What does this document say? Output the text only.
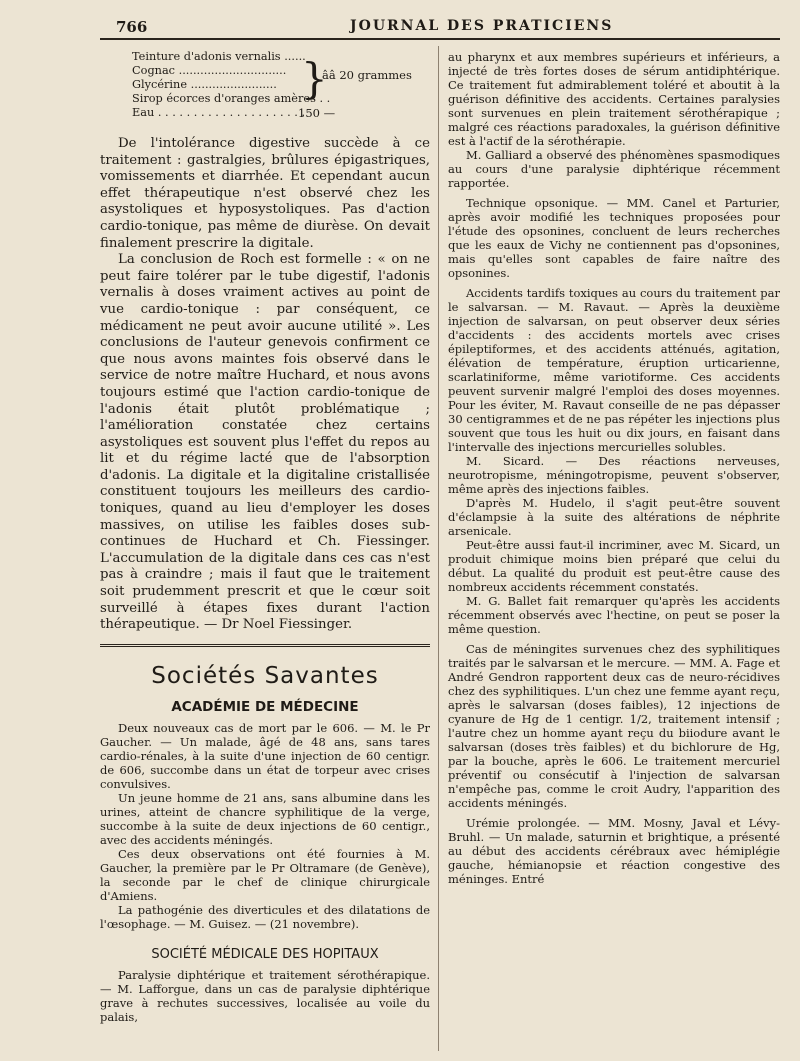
766	JOURNAL DES PRATICIENS
Teinture d'adonis vernalis ......
Cognac ..............................
Glycérine ........................
Sirop écorces d'oranges amères . .
Eau . . . . . . . . . . . . . . . . . . . . .
}
ââ 20 grammes
150 —

De l'intolérance digestive succède à ce traitement : gastralgies, brûlures épigastriques, vomissements et diarrhée. Et cependant aucun effet thérapeutique n'est observé chez les asystoliques et hyposystoliques. Pas d'action cardio-tonique, pas même de diurèse. On devait finalement prescrire la digitale.

La conclusion de Roch est formelle : « on ne peut faire tolérer par le tube digestif, l'adonis vernalis à doses vraiment actives au point de vue cardio-tonique : par conséquent, ce médicament ne peut avoir aucune utilité ». Les conclusions de l'auteur genevois confirment ce que nous avons maintes fois observé dans le service de notre maître Huchard, et nous avons toujours estimé que l'action cardio-tonique de l'adonis était plutôt problématique ; l'amélioration constatée chez certains asystoliques est souvent plus l'effet du repos au lit et du régime lacté que de l'absorption d'adonis. La digitale et la digitaline cristallisée constituent toujours les meilleurs des cardio-toniques, quand au lieu d'employer les doses massives, on utilise les faibles doses sub-continues de Huchard et Ch. Fiessinger. L'accumulation de la digitale dans ces cas n'est pas à craindre ; mais il faut que le traitement soit prudemment prescrit et que le cœur soit surveillé à étapes fixes durant l'action thérapeutique. — Dr Noel Fiessinger.

Sociétés Savantes
ACADÉMIE DE MÉDECINE

Deux nouveaux cas de mort par le 606. — M. le Pr Gaucher. — Un malade, âgé de 48 ans, sans tares cardio-rénales, à la suite d'une injection de 60 centigr. de 606, succombe dans un état de torpeur avec crises convulsives.

Un jeune homme de 21 ans, sans albumine dans les urines, atteint de chancre syphilitique de la verge, succombe à la suite de deux injections de 60 centigr., avec des accidents méningés.

Ces deux observations ont été fournies à M. Gaucher, la première par le Pr Oltramare (de Genève), la seconde par le chef de clinique chirurgicale d'Amiens.

La pathogénie des diverticules et des dilatations de l'œsophage. — M. Guisez. — (21 novembre).

SOCIÉTÉ MÉDICALE DES HOPITAUX

Paralysie diphtérique et traitement sérothérapique. — M. Lafforgue, dans un cas de paralysie diphtérique grave à rechutes successives, localisée au voile du palais,

au pharynx et aux membres supérieurs et inférieurs, a injecté de très fortes doses de sérum antidiphtérique. Ce traitement fut admirablement toléré et aboutit à la guérison définitive des accidents. Certaines paralysies sont survenues en plein traitement sérothérapique ; malgré ces réactions paradoxales, la guérison définitive est à l'actif de la sérothérapie.

M. Galliard a observé des phénomènes spasmodiques au cours d'une paralysie diphtérique récemment rapportée.

Technique opsonique. — MM. Canel et Parturier, après avoir modifié les techniques proposées pour l'étude des opsonines, concluent de leurs recherches que les eaux de Vichy ne contiennent pas d'opsonines, mais qu'elles sont capables de faire naître des opsonines.

Accidents tardifs toxiques au cours du traitement par le salvarsan. — M. Ravaut. — Après la deuxième injection de salvarsan, on peut observer deux séries d'accidents : des accidents mortels avec crises épileptiformes, et des accidents atténués, agitation, élévation de température, éruption urticarienne, scarlatiniforme, même variotiforme. Ces accidents peuvent survenir malgré l'emploi des doses moyennes. Pour les éviter, M. Ravaut conseille de ne pas dépasser 30 centigrammes et de ne pas répéter les injections plus souvent que tous les huit ou dix jours, en faisant dans l'intervalle des injections mercurielles solubles.

M. Sicard. — Des réactions nerveuses, neurotropisme, méningotropisme, peuvent s'observer, même après des injections faibles.

D'après M. Hudelo, il s'agit peut-être souvent d'éclampsie à la suite des altérations de néphrite arsenicale.

Peut-être aussi faut-il incriminer, avec M. Sicard, un produit chimique moins bien préparé que celui du début. La qualité du produit est peut-être cause des nombreux accidents récemment constatés.

M. G. Ballet fait remarquer qu'après les accidents récemment observés avec l'hectine, on peut se poser la même question.

Cas de méningites survenues chez des syphilitiques traités par le salvarsan et le mercure. — MM. A. Fage et André Gendron rapportent deux cas de neuro-récidives chez des syphilitiques. L'un chez une femme ayant reçu, après le salvarsan (doses faibles), 12 injections de cyanure de Hg de 1 centigr. 1/2, traitement intensif ; l'autre chez un homme ayant reçu du biiodure avant le salvarsan (doses très faibles) et du bichlorure de Hg, par la bouche, après le 606. Le traitement mercuriel préventif ou consécutif à l'injection de salvarsan n'empêche pas, comme le croit Audry, l'apparition des accidents méningés.

Urémie prolongée. — MM. Mosny, Javal et Lévy-Bruhl. — Un malade, saturnin et brightique, a présenté au début des accidents cérébraux avec hémiplégie gauche, hémianopsie et réaction congestive des méninges. Entré
